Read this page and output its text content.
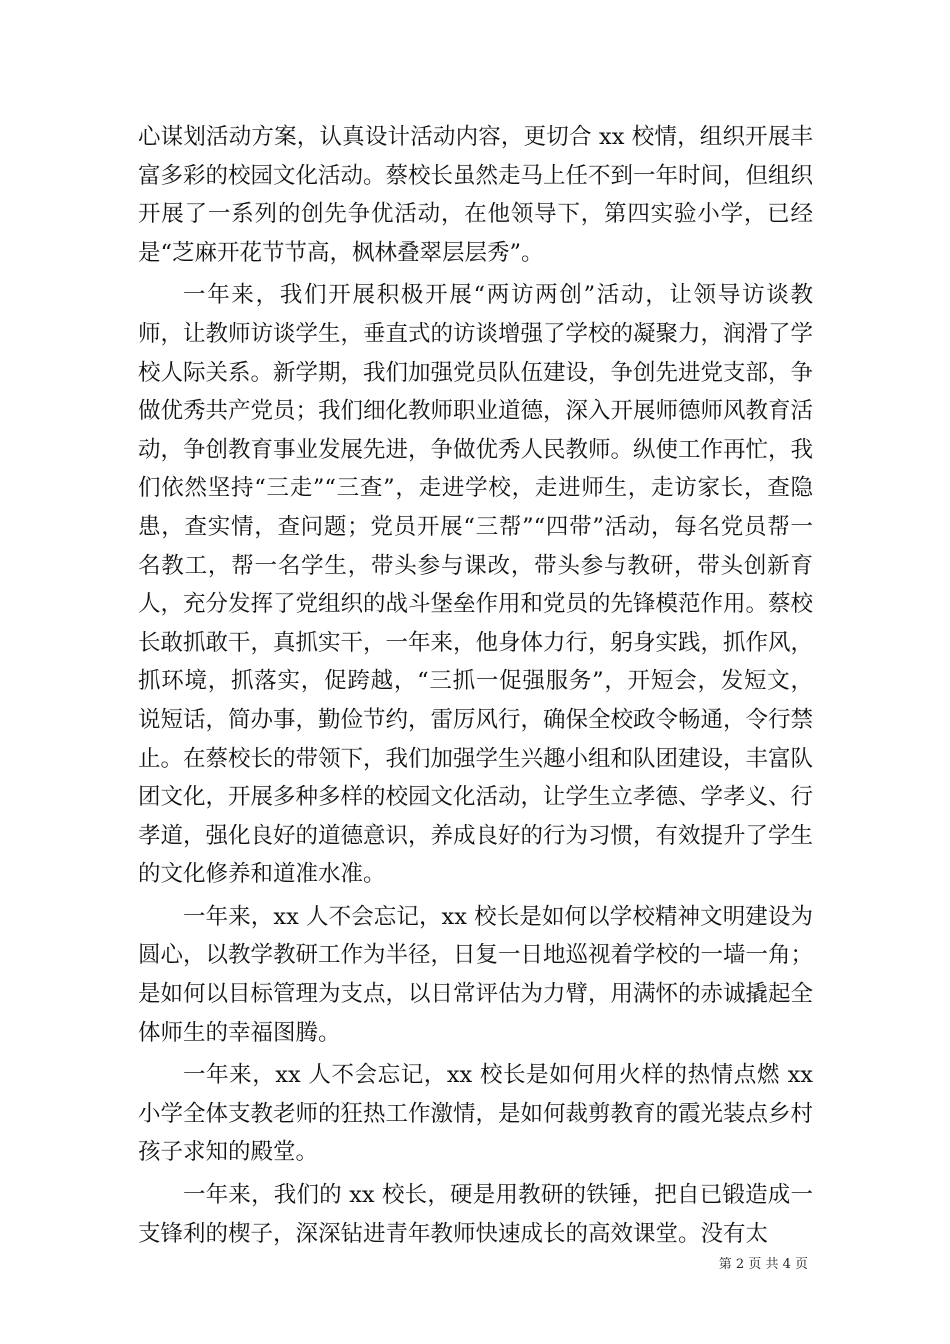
心谋划活动方案，认真设计活动内容，更切合 xx 校情，组织开展丰富多彩的校园文化活动。蔡校长虽然走马上任不到一年时间，但组织开展了一系列的创先争优活动，在他领导下，第四实验小学，已经是“芝麻开花节节高，枫林叠翠层层秀”。

一年来，我们开展积极开展“两访两创”活动，让领导访谈教师，让教师访谈学生，垂直式的访谈增强了学校的凝聚力，润滑了学校人际关系。新学期，我们加强党员队伍建设，争创先进党支部，争做优秀共产党员；我们细化教师职业道德，深入开展师德师风教育活动，争创教育事业发展先进，争做优秀人民教师。纵使工作再忙，我们依然坚持“三走”“三查”，走进学校，走进师生，走访家长，查隐患，查实情，查问题；党员开展“三帮”“四带”活动，每名党员帮一名教工，帮一名学生，带头参与课改，带头参与教研，带头创新育人，充分发挥了党组织的战斗堡垒作用和党员的先锋模范作用。蔡校长敢抓敢干，真抓实干，一年来，他身体力行，躬身实践，抓作风，抓环境，抓落实，促跨越，“三抓一促强服务”，开短会，发短文，说短话，简办事，勤俭节约，雷厉风行，确保全校政令畅通，令行禁止。在蔡校长的带领下，我们加强学生兴趣小组和队团建设，丰富队团文化，开展多种多样的校园文化活动，让学生立孝德、学孝义、行孝道，强化良好的道德意识，养成良好的行为习惯，有效提升了学生的文化修养和道准水准。

一年来，xx 人不会忘记，xx 校长是如何以学校精神文明建设为圆心，以教学教研工作为半径，日复一日地巡视着学校的一墙一角；是如何以目标管理为支点，以日常评估为力臂，用满怀的赤诚撬起全体师生的幸福图腾。

一年来，xx 人不会忘记，xx 校长是如何用火样的热情点燃 xx 小学全体支教老师的狂热工作激情，是如何裁剪教育的霞光装点乡村孩子求知的殿堂。

一年来，我们的 xx 校长，硬是用教研的铁锤，把自已锻造成一支锋利的楔子，深深钻进青年教师快速成长的高效课堂。没有太

第 2 页 共 4 页
